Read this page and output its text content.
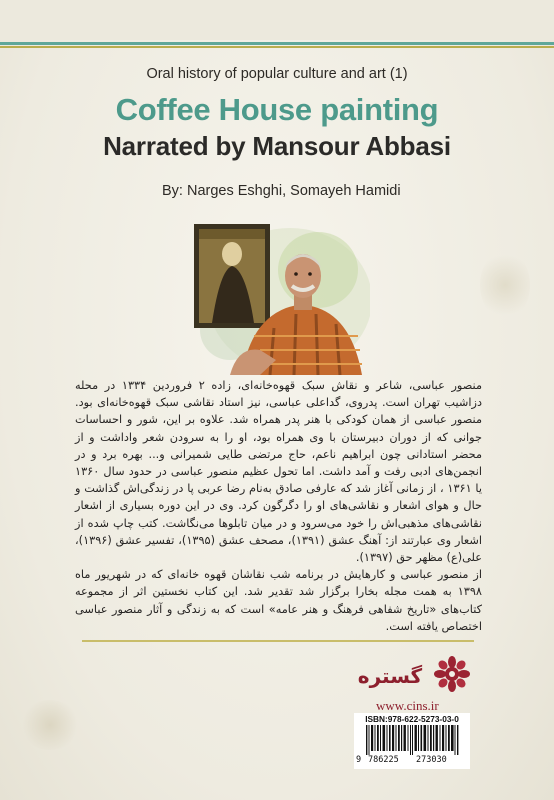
Oral history of popular culture and art (1)
Coffee House painting
Narrated by Mansour Abbasi
By: Narges Eshghi, Somayeh Hamidi

منصور عباسی، شاعر و نقاش سبک قهوه‌خانه‌ای، زاده ۲ فروردین ۱۳۳۴ در محله دزاشیب تهران است. پدروی، گداعلی عباسی، نیز استاد نقاشی سبک قهوه‌خانه‌ای بود. منصور عباسی از همان کودکی با هنر پدر همراه شد. علاوه بر این، شور و احساسات جوانی که از دوران دبیرستان با وی همراه بود، او را به سرودن شعر واداشت و از محضر استادانی چون ابراهیم ناعم، حاج مرتضی طایی شمیرانی و... بهره برد و در انجمن‌های ادبی رفت و آمد داشت. اما تحول عظیم منصور عباسی در حدود سال ۱۳۶۰ یا ۱۳۶۱ ، از زمانی آغاز شد که عارفی صادق به‌نام رضا عربی پا در زندگی‌اش گذاشت و حال و هوای اشعار و نقاشی‌های او را دگرگون کرد. وی در این دوره بسیاری از اشعار نقاشی‌های مذهبی‌اش را خود می‌سرود و در میان تابلوها می‌نگاشت. کتب چاپ شده از اشعار وی عبارتند از: آهنگ عشق (۱۳۹۱)، مصحف عشق (۱۳۹۵)، تفسیر عشق (۱۳۹۶)، علی(ع) مظهر حق (۱۳۹۷).

از منصور عباسی و کارهایش در برنامه شب نقاشان قهوه خانه‌ای که در شهریور ماه ۱۳۹۸ به همت مجله بخارا برگزار شد تقدیر شد. این کتاب نخستین اثر از مجموعه کتاب‌های «تاریخ شفاهی فرهنگ و هنر عامه» است که به زندگی و آثار منصور عباسی اختصاص یافته است.

گستره
www.cins.ir
ISBN:978-622-5273-03-0
9 786225 273030
